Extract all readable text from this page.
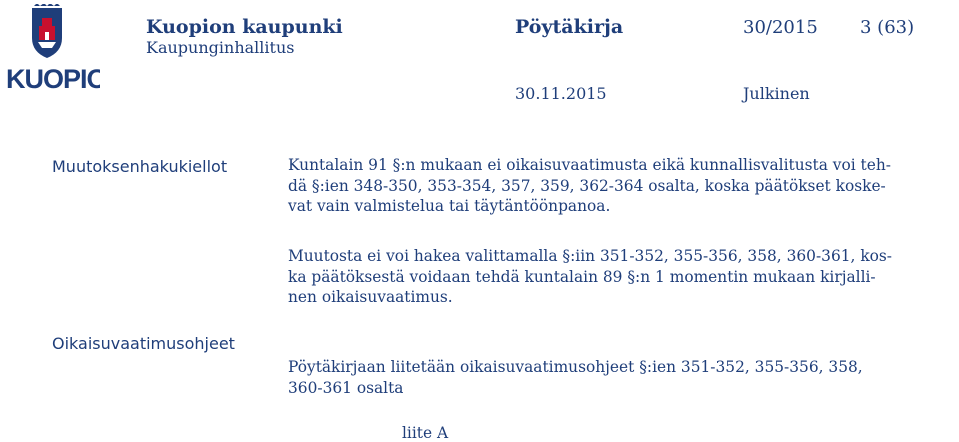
KUOPIO
Kuopion kaupunki
Kaupunginhallitus
Pöytäkirja	30/2015 3 (63)
30.11.2015	Julkinen
Muutoksenhakukiellot	Kuntalain 91 §:n mukaan ei oikaisuvaatimusta eikä kunnallisvalitusta voi teh-
dä §:ien 348-350, 353-354, 357, 359, 362-364 osalta, koska päätökset koske-
vat vain valmistelua tai täytäntöönpanoa.
Muutosta ei voi hakea valittamalla §:iin 351-352, 355-356, 358, 360-361, kos-
ka päätöksestä voidaan tehdä kuntalain 89 §:n 1 momentin mukaan kirjalli-
nen oikaisuvaatimus.
Oikaisuvaatimusohjeet
Pöytäkirjaan liitetään oikaisuvaatimusohjeet §:ien 351-352, 355-356, 358,
360-361 osalta
liite A
